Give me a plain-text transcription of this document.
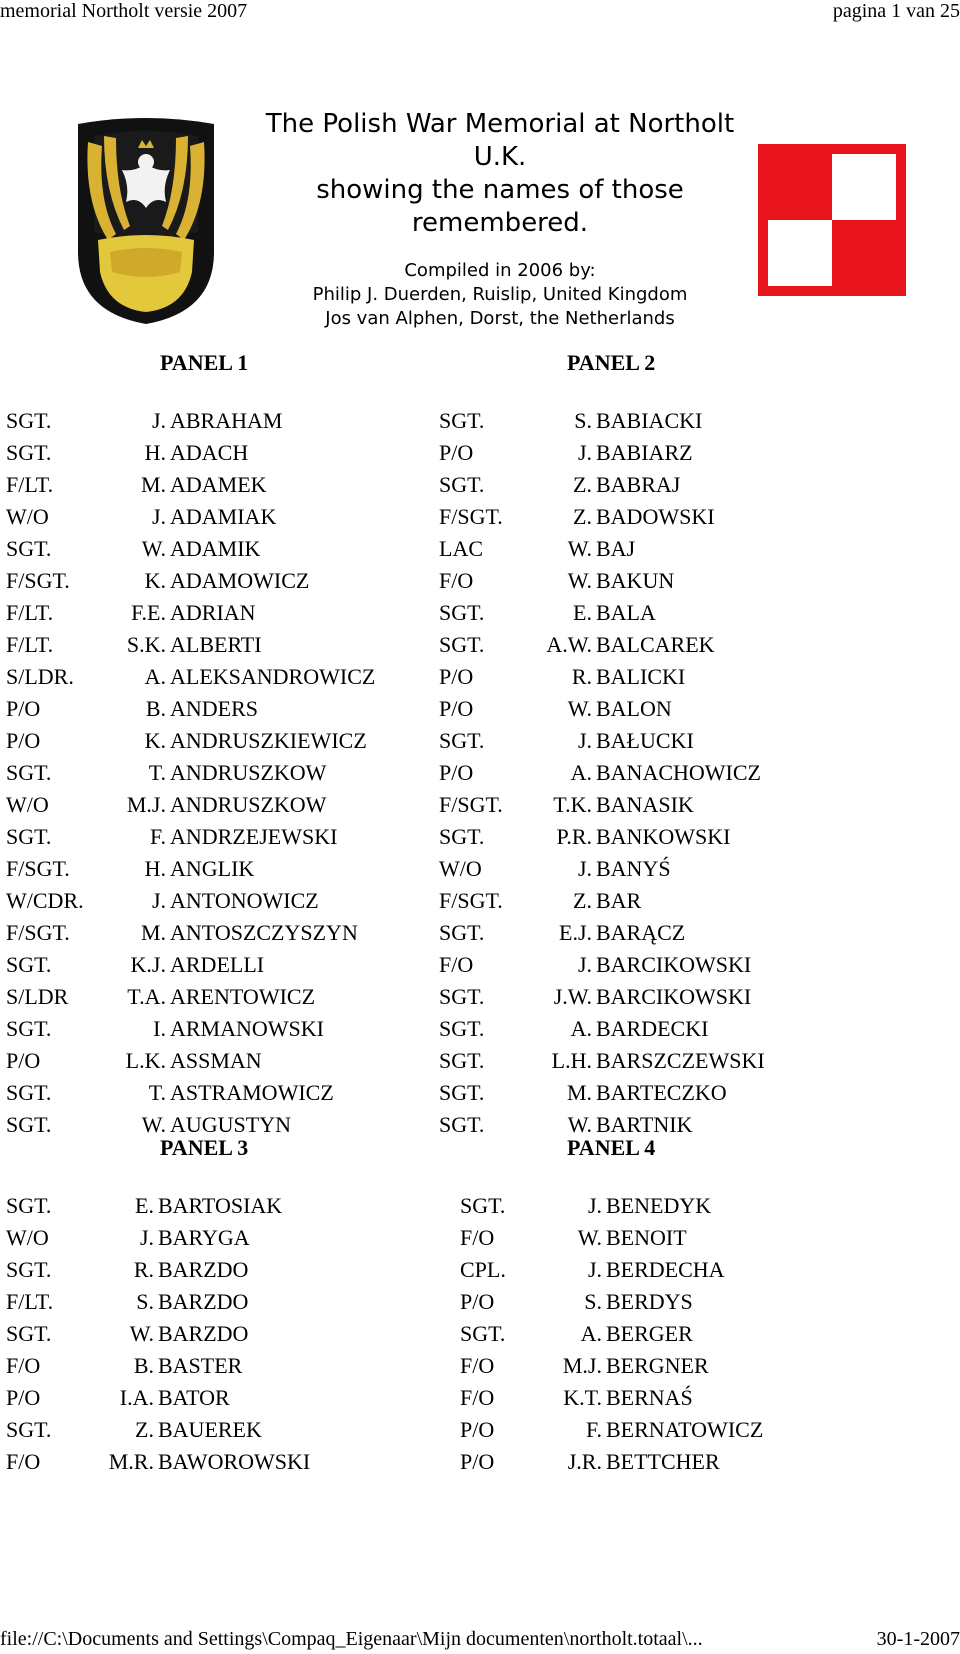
memorial Northolt versie 2007	pagina 1 van 25
The Polish War Memorial at Northolt
U.K.
showing the names of those
remembered.
Compiled in 2006 by:
Philip J. Duerden, Ruislip, United Kingdom
Jos van Alphen, Dorst, the Netherlands
PANEL 1
SGT.	J. ABRAHAM
SGT.	H. ADACH
F/LT.	M. ADAMEK
W/O	J. ADAMIAK
SGT.	W. ADAMIK
F/SGT.	K. ADAMOWICZ
F/LT.	F.E. ADRIAN
F/LT.	S.K. ALBERTI
S/LDR.	A. ALEKSANDROWICZ
P/O	B. ANDERS
P/O	K. ANDRUSZKIEWICZ
SGT.	T. ANDRUSZKOW
W/O	M.J. ANDRUSZKOW
SGT.	F. ANDRZEJEWSKI
F/SGT.	H. ANGLIK
W/CDR.	J. ANTONOWICZ
F/SGT.	M. ANTOSZCZYSZYN
SGT.	K.J. ARDELLI
S/LDR	T.A. ARENTOWICZ
SGT.	I. ARMANOWSKI
P/O	L.K. ASSMAN
SGT.	T. ASTRAMOWICZ
SGT.	W. AUGUSTYN
PANEL 2
SGT.	S. BABIACKI
P/O	J. BABIARZ
SGT.	Z. BABRAJ
F/SGT.	Z. BADOWSKI
LAC	W. BAJ
F/O	W. BAKUN
SGT.	E. BALA
SGT.	A.W. BALCAREK
P/O	R. BALICKI
P/O	W. BALON
SGT.	J. BAŁUCKI
P/O	A. BANACHOWICZ
F/SGT. T.K. BANASIK
SGT.	P.R. BANKOWSKI
W/O	J. BANYŚ
F/SGT.	Z. BAR
SGT.	E.J. BARĄCZ
F/O	J. BARCIKOWSKI
SGT.	J.W. BARCIKOWSKI
SGT.	A. BARDECKI
SGT.	L.H. BARSZCZEWSKI
SGT.	M. BARTECZKO
SGT.	W. BARTNIK
PANEL 3
SGT.	E. BARTOSIAK
W/O	J. BARYGA
SGT.	R. BARZDO
F/LT.	S. BARZDO
SGT.	W. BARZDO
F/O	B. BASTER
P/O	I.A. BATOR
SGT.	Z. BAUEREK
F/O	M.R. BAWOROWSKI
PANEL 4
SGT.	J. BENEDYK
F/O	W. BENOIT
CPL.	J. BERDECHA
P/O	S. BERDYS
SGT.	A. BERGER
F/O	M.J. BERGNER
F/O	K.T. BERNAŚ
P/O	F. BERNATOWICZ
P/O	J.R. BETTCHER
file://C:\Documents and Settings\Compaq_Eigenaar\Mijn documenten\northolt.totaal\...	30-1-2007
